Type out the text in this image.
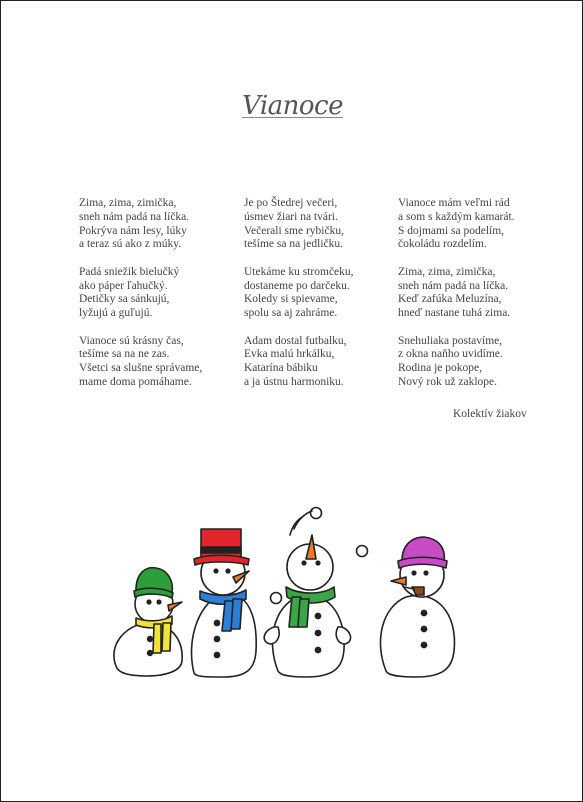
Vianoce
Zima, zima, zimička,
sneh nám padá na líčka.
Pokrýva nám lesy, lúky
a teraz sú ako z múky.
Padá sniežik bielučký
ako páper ľahučký.
Detičky sa sánkujú,
lyžujú a guľujú.
Vianoce sú krásny čas,
tešíme sa na ne zas.
Všetci sa slušne správame,
mame doma pomáhame.
Je po Štedrej večeri,
úsmev žiari na tvári.
Večerali sme rybičku,
tešíme sa na jedličku.
Utekáme ku stromčeku,
dostaneme po darčeku.
Koledy si spievame,
spolu sa aj zahráme.
Adam dostal futbalku,
Evka malú hrkálku,
Katarína bábiku
a ja ústnu harmoniku.
Vianoce mám veľmi rád
a som s každým kamarát.
S dojmami sa podelím,
čokoládu rozdelím.
Zima, zima, zimička,
sneh nám padá na líčka.
Keď zafúka Meluzína,
hneď nastane tuhá zima.
Snehuliaka postavíme,
z okna naňho uvidíme.
Rodina je pokope,
Nový rok už zaklope.
Kolektív žiakov
